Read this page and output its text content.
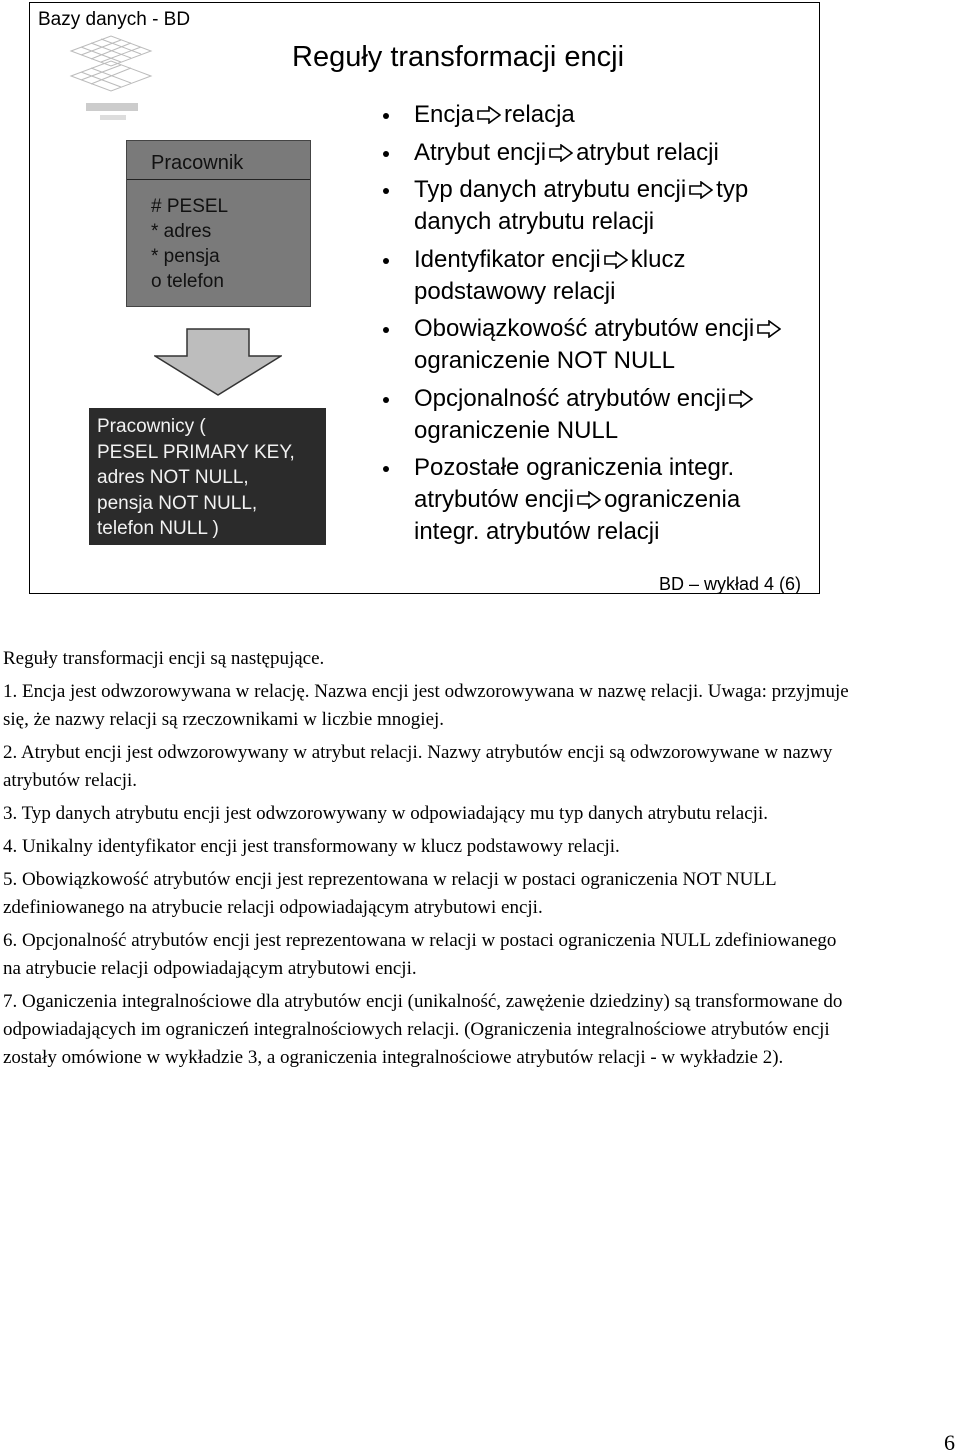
Bazy danych - BD
Reguły transformacji encji
Pracownik
# PESEL
* adres
* pensja
o telefon
Pracownicy (
PESEL PRIMARY KEY,
adres NOT NULL,
pensja NOT NULL,
telefon NULL )
Encja relacja
Atrybut encji atrybut relacji
Typ danych atrybutu encji typ danych atrybutu relacji
Identyfikator encji klucz podstawowy relacji
Obowiązkowość atrybutów encjiograniczenie NOT NULL
Opcjonalność atrybutów encjiograniczenie NULL
Pozostałe ograniczenia integr. atrybutów encji ograniczenia integr. atrybutów relacji
BD – wykład 4 (6)

Reguły transformacji encji są następujące.

1. Encja jest odwzorowywana w relację. Nazwa encji jest odwzorowywana w nazwę relacji. Uwaga: przyjmuje się, że nazwy relacji są rzeczownikami w liczbie mnogiej.

2. Atrybut encji jest odwzorowywany w atrybut relacji. Nazwy atrybutów encji są odwzorowywane w nazwy atrybutów relacji.

3. Typ danych atrybutu encji jest odwzorowywany w odpowiadający mu typ danych atrybutu relacji.

4. Unikalny identyfikator encji jest transformowany w klucz podstawowy relacji.

5. Obowiązkowość atrybutów encji jest reprezentowana w relacji w postaci ograniczenia NOT NULL zdefiniowanego na atrybucie relacji odpowiadającym atrybutowi encji.

6. Opcjonalność atrybutów encji jest reprezentowana w relacji w postaci ograniczenia NULL zdefiniowanego na atrybucie relacji odpowiadającym atrybutowi encji.

7. Oganiczenia integralnościowe dla atrybutów encji (unikalność, zawężenie dziedziny) są transformowane do odpowiadających im ograniczeń integralnościowych relacji. (Ograniczenia integralnościowe atrybutów encji zostały omówione w wykładzie 3, a ograniczenia integralnościowe atrybutów relacji - w wykładzie 2).

6
